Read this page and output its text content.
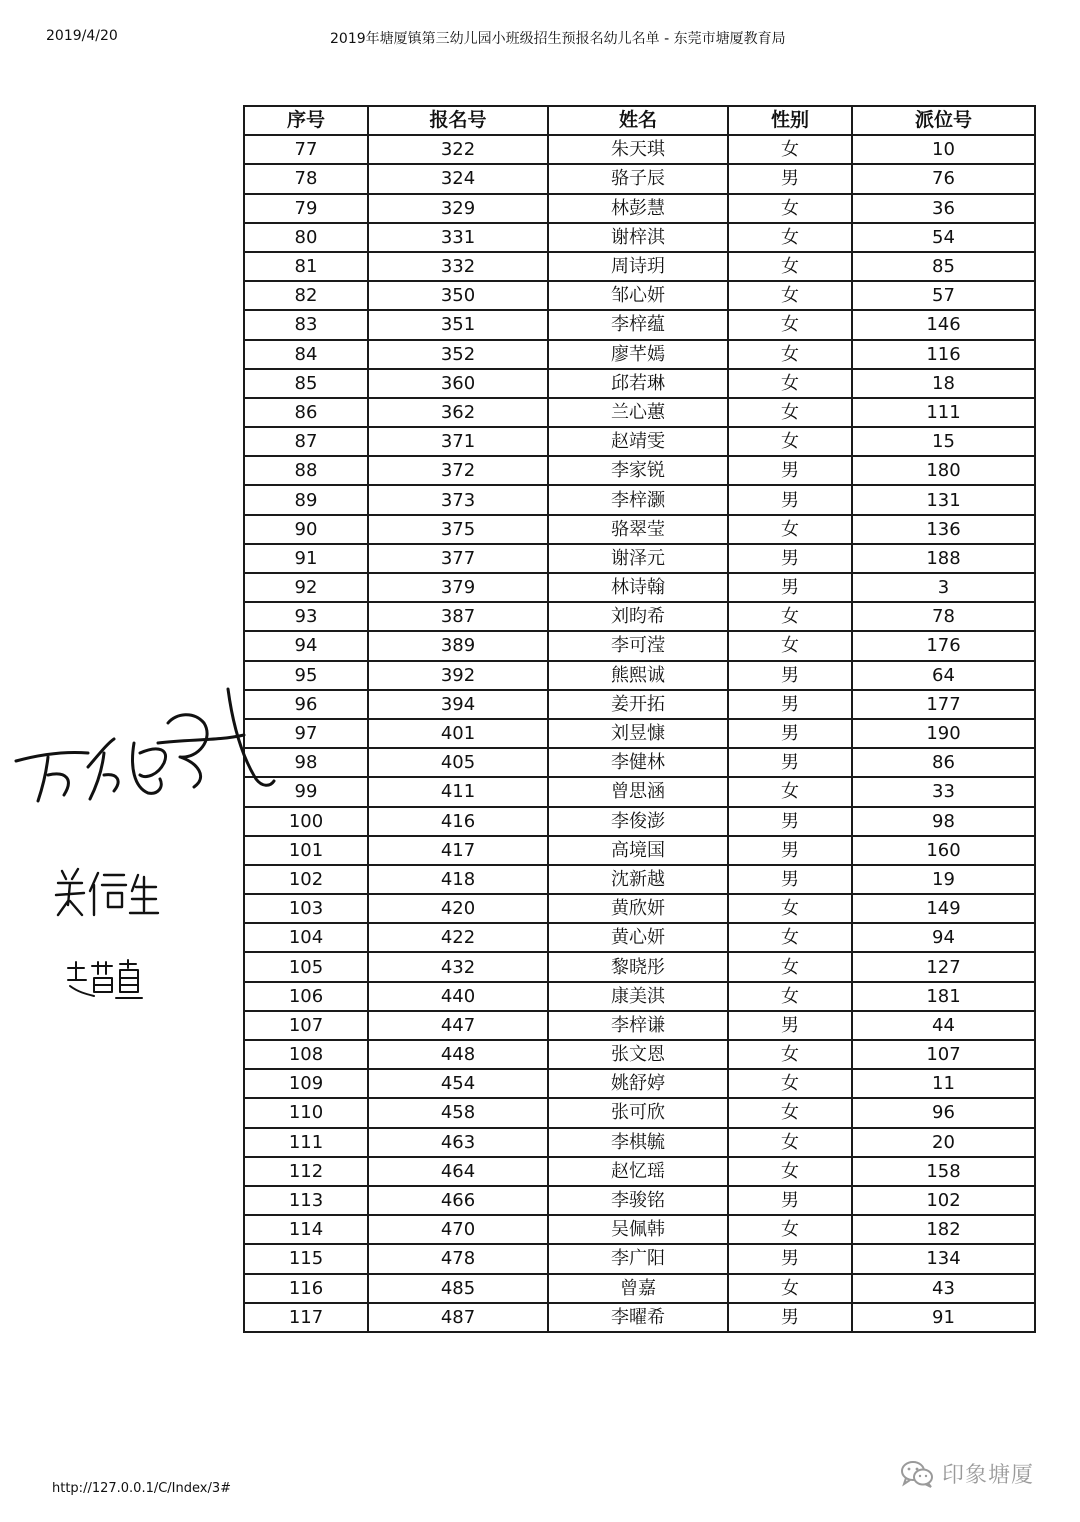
2019/4/20	2019年塘厦镇第三幼儿园小班级招生预报名幼儿名单 - 东莞市塘厦教育局
序号	报名号	姓名	性别	派位号
77	322	朱天琪	女	10
78	324	骆子辰	男	76
79	329	林彭慧	女	36
80	331	谢梓淇	女	54
81	332	周诗玥	女	85
82	350	邹心妍	女	57
83	351	李梓蕴	女	146
84	352	廖芊嫣	女	116
85	360	邱若琳	女	18
86	362	兰心蕙	女	111
87	371	赵靖雯	女	15
88	372	李家锐	男	180
89	373	李梓灏	男	131
90	375	骆翠莹	女	136
91	377	谢泽元	男	188
92	379	林诗翰	男	3
93	387	刘昀希	女	78
94	389	李可滢	女	176
95	392	熊熙诚	男	64
96	394	姜开拓	男	177
97	401	刘昱慷	男	190
98	405	李健林	男	86
99	411	曾思涵	女	33
100	416	李俊澎	男	98
101	417	高境国	男	160
102	418	沈新越	男	19
103	420	黄欣妍	女	149
104	422	黄心妍	女	94
105	432	黎晓彤	女	127
106	440	康美淇	女	181
107	447	李梓谦	男	44
108	448	张文恩	女	107
109	454	姚舒婷	女	11
110	458	张可欣	女	96
111	463	李棋毓	女	20
112	464	赵忆瑶	女	158
113	466	李骏铭	男	102
114	470	吴佩韩	女	182
115	478	李广阳	男	134
116	485	曾嘉	女	43
117	487	李曜希	男	91
http://127.0.0.1/C/Index/3#
印象塘厦
